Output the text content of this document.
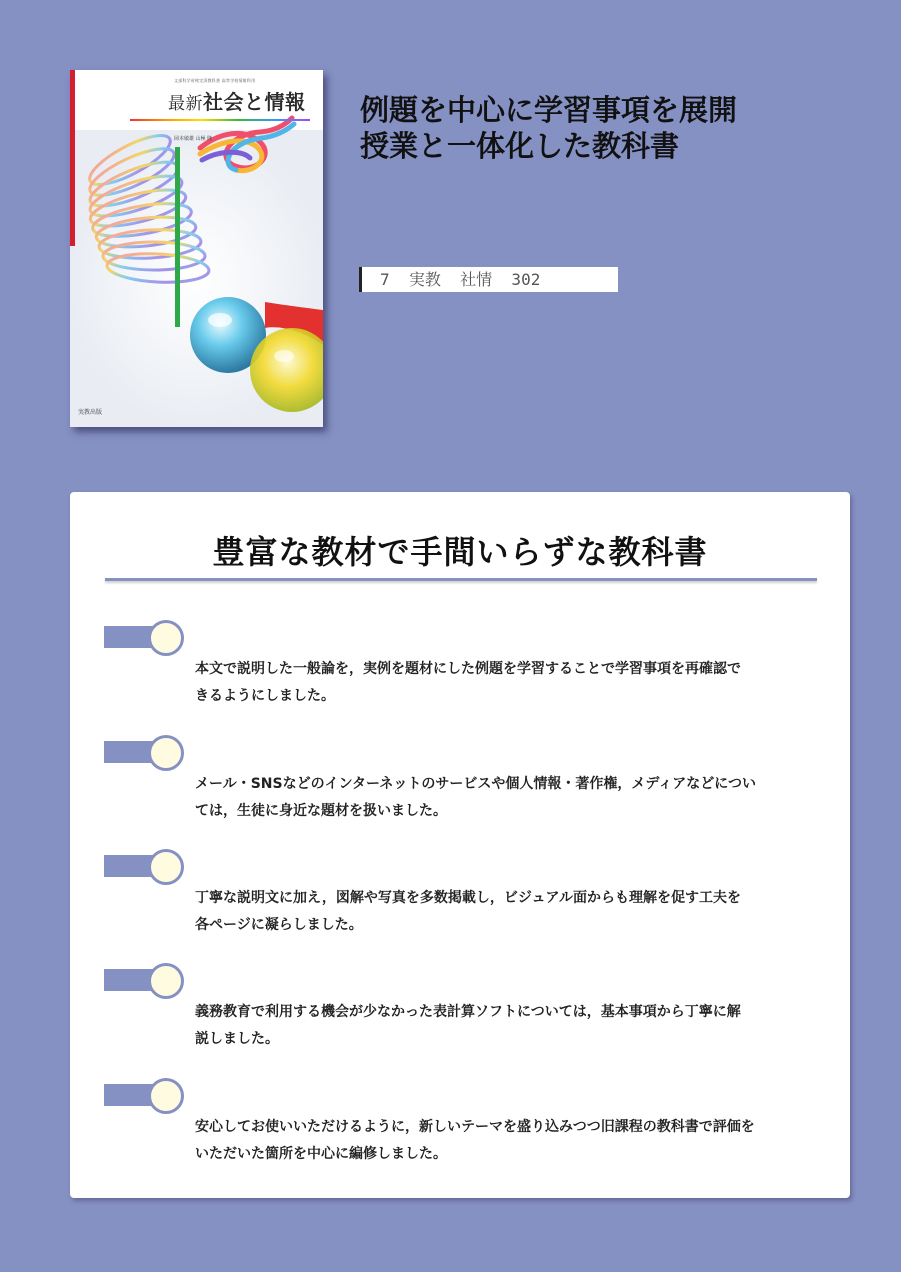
文部科学省検定済教科書 高等学校情報科用
最新社会と情報
岡本敏雄 山極 隆
実教出版
例題を中心に学習事項を展開
授業と一体化した教科書
7  実教  社情  302
豊富な教材で手間いらずな教科書
本文で説明した一般論を，実例を題材にした例題を学習することで学習事項を再確認で
きるようにしました。
メール・SNSなどのインターネットのサービスや個人情報・著作権，メディアなどについ
ては，生徒に身近な題材を扱いました。
丁寧な説明文に加え，図解や写真を多数掲載し，ビジュアル面からも理解を促す工夫を
各ページに凝らしました。
義務教育で利用する機会が少なかった表計算ソフトについては，基本事項から丁寧に解
説しました。
安心してお使いいただけるように，新しいテーマを盛り込みつつ旧課程の教科書で評価を
いただいた箇所を中心に編修しました。
